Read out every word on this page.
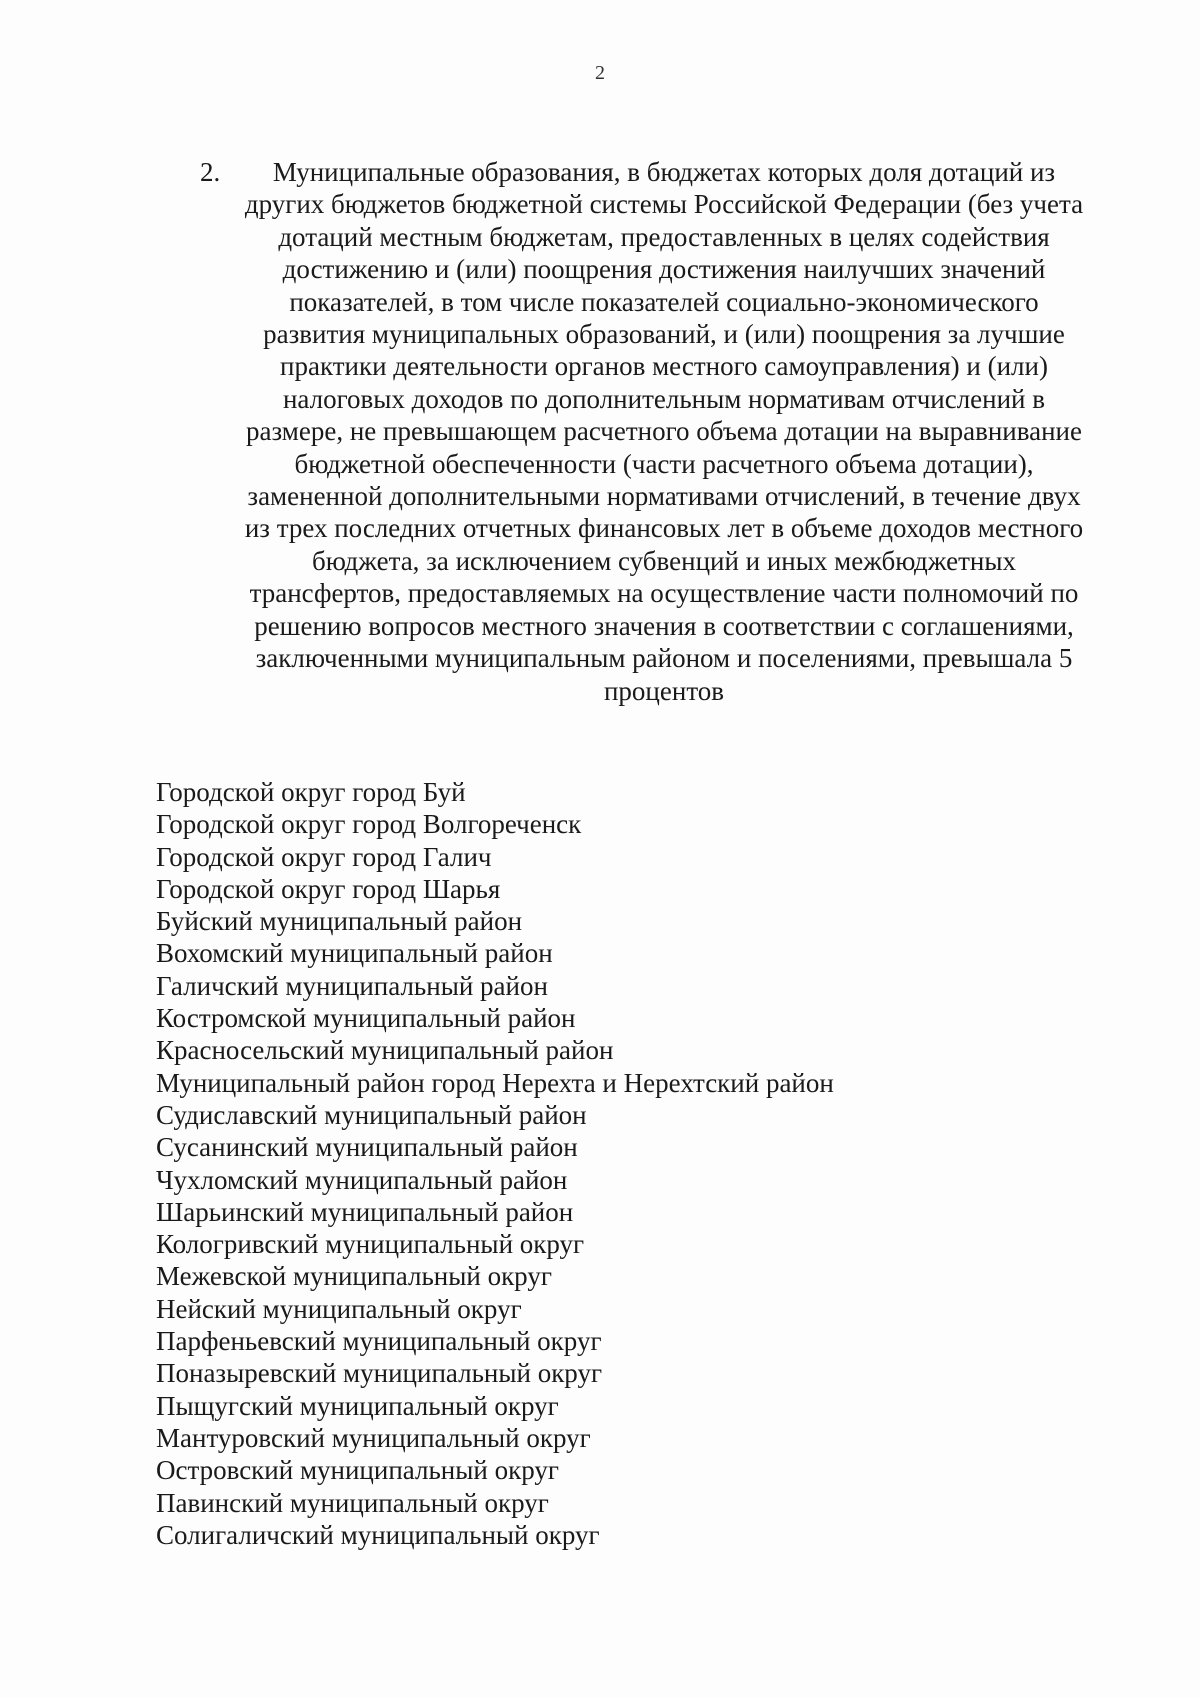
2
2.	Муниципальные образования, в бюджетах которых доля дотаций из других бюджетов бюджетной системы Российской Федерации (без учета дотаций местным бюджетам, предоставленных в целях содействия достижению и (или) поощрения достижения наилучших значений показателей, в том числе показателей социально-экономического развития муниципальных образований, и (или) поощрения за лучшие практики деятельности органов местного самоуправления) и (или) налоговых доходов по дополнительным нормативам отчислений в размере, не превышающем расчетного объема дотации на выравнивание бюджетной обеспеченности (части расчетного объема дотации), замененной дополнительными нормативами отчислений, в течение двух из трех последних отчетных финансовых лет в объеме доходов местного бюджета, за исключением субвенций и иных межбюджетных трансфертов, предоставляемых на осуществление части полномочий по решению вопросов местного значения в соответствии с соглашениями, заключенными муниципальным районом и поселениями, превышала 5 процентов
Городской округ город Буй
Городской округ город Волгореченск
Городской округ город Галич
Городской округ город Шарья
Буйский муниципальный район
Вохомский муниципальный район
Галичский муниципальный район
Костромской муниципальный район
Красносельский муниципальный район
Муниципальный район город Нерехта и Нерехтский район
Судиславский муниципальный район
Сусанинский муниципальный район
Чухломский муниципальный район
Шарьинский муниципальный район
Кологривский муниципальный округ
Межевской муниципальный округ
Нейский муниципальный округ
Парфеньевский муниципальный округ
Поназыревский муниципальный округ
Пыщугский муниципальный округ
Мантуровский муниципальный округ
Островский муниципальный округ
Павинский муниципальный округ
Солигаличский муниципальный округ
